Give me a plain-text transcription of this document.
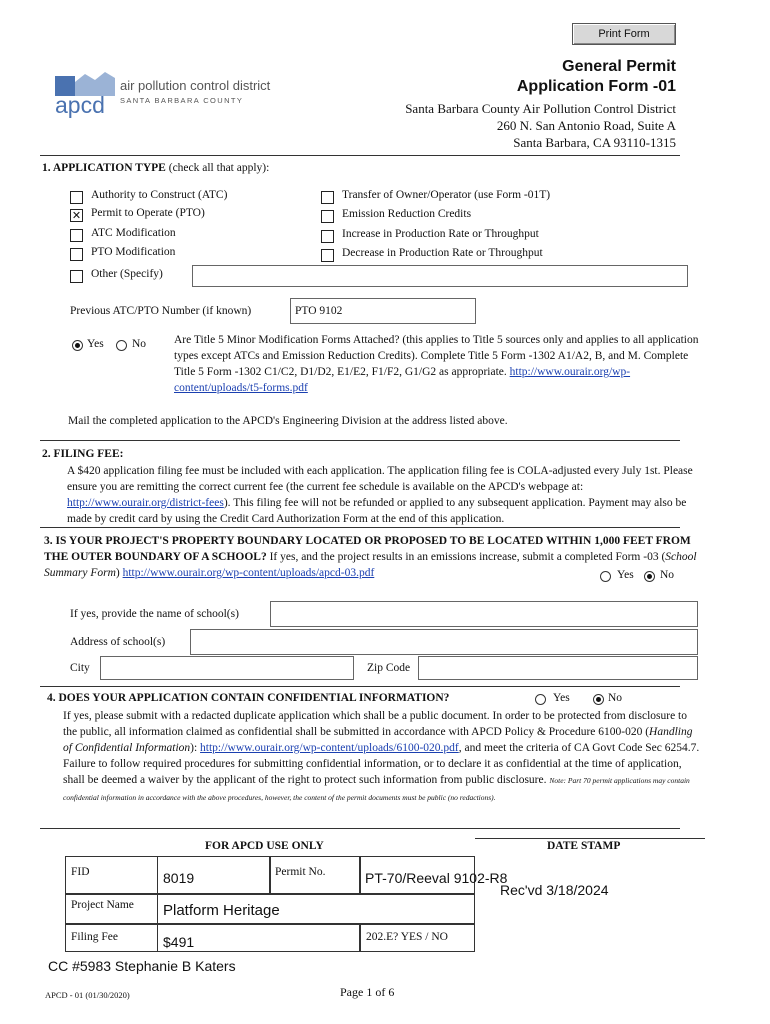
Print Form
apcd
air pollution control district
SANTA BARBARA COUNTY
General Permit
Application Form -01
Santa Barbara County Air Pollution Control District
260 N. San Antonio Road, Suite A
Santa Barbara, CA 93110-1315
1. APPLICATION TYPE (check all that apply):
Authority to Construct (ATC)
✕ Permit to Operate (PTO)
ATC Modification
PTO Modification
Other (Specify)
Transfer of Owner/Operator (use Form -01T)
Emission Reduction Credits
Increase in Production Rate or Throughput
Decrease in Production Rate or Throughput
Previous ATC/PTO Number (if known)	PTO 9102
Yes No Are Title 5 Minor Modification Forms Attached? (this applies to Title 5 sources only and applies to all application types except ATCs and Emission Reduction Credits). Complete Title 5 Form -1302 A1/A2, B, and M. Complete Title 5 Form -1302 C1/C2, D1/D2, E1/E2, F1/F2, G1/G2 as appropriate. http://www.ourair.org/wp-content/uploads/t5-forms.pdf
Mail the completed application to the APCD's Engineering Division at the address listed above.
2. FILING FEE:
A $420 application filing fee must be included with each application. The application filing fee is COLA-adjusted every July 1st. Please ensure you are remitting the correct current fee (the current fee schedule is available on the APCD's webpage at: http://www.ourair.org/district-fees). This filing fee will not be refunded or applied to any subsequent application. Payment may also be made by credit card by using the Credit Card Authorization Form at the end of this application.
3. IS YOUR PROJECT'S PROPERTY BOUNDARY LOCATED OR PROPOSED TO BE LOCATED WITHIN 1,000 FEET FROM THE OUTER BOUNDARY OF A SCHOOL? If yes, and the project results in an emissions increase, submit a completed Form -03 (School Summary Form) http://www.ourair.org/wp-content/uploads/apcd-03.pdf	Yes No
If yes, provide the name of school(s)
Address of school(s)
City	Zip Code
4. DOES YOUR APPLICATION CONTAIN CONFIDENTIAL INFORMATION?	Yes	No
If yes, please submit with a redacted duplicate application which shall be a public document. In order to be protected from disclosure to the public, all information claimed as confidential shall be submitted in accordance with APCD Policy & Procedure 6100-020 (Handling of Confidential Information): http://www.ourair.org/wp-content/uploads/6100-020.pdf, and meet the criteria of CA Govt Code Sec 6254.7. Failure to follow required procedures for submitting confidential information, or to declare it as confidential at the time of application, shall be deemed a waiver by the applicant of the right to protect such information from public disclosure. Note: Part 70 permit applications may contain confidential information in accordance with the above procedures, however, the content of the permit documents must be public (no redactions).
FOR APCD USE ONLY	DATE STAMP
FID	8019	Permit No.	PT-70/Reeval 9102-R8
Project Name Platform Heritage
Filing Fee	$491	202.E? YES / NO
Rec'vd 3/18/2024
CC #5983 Stephanie B Katers
APCD - 01 (01/30/2020)	Page 1 of 6
